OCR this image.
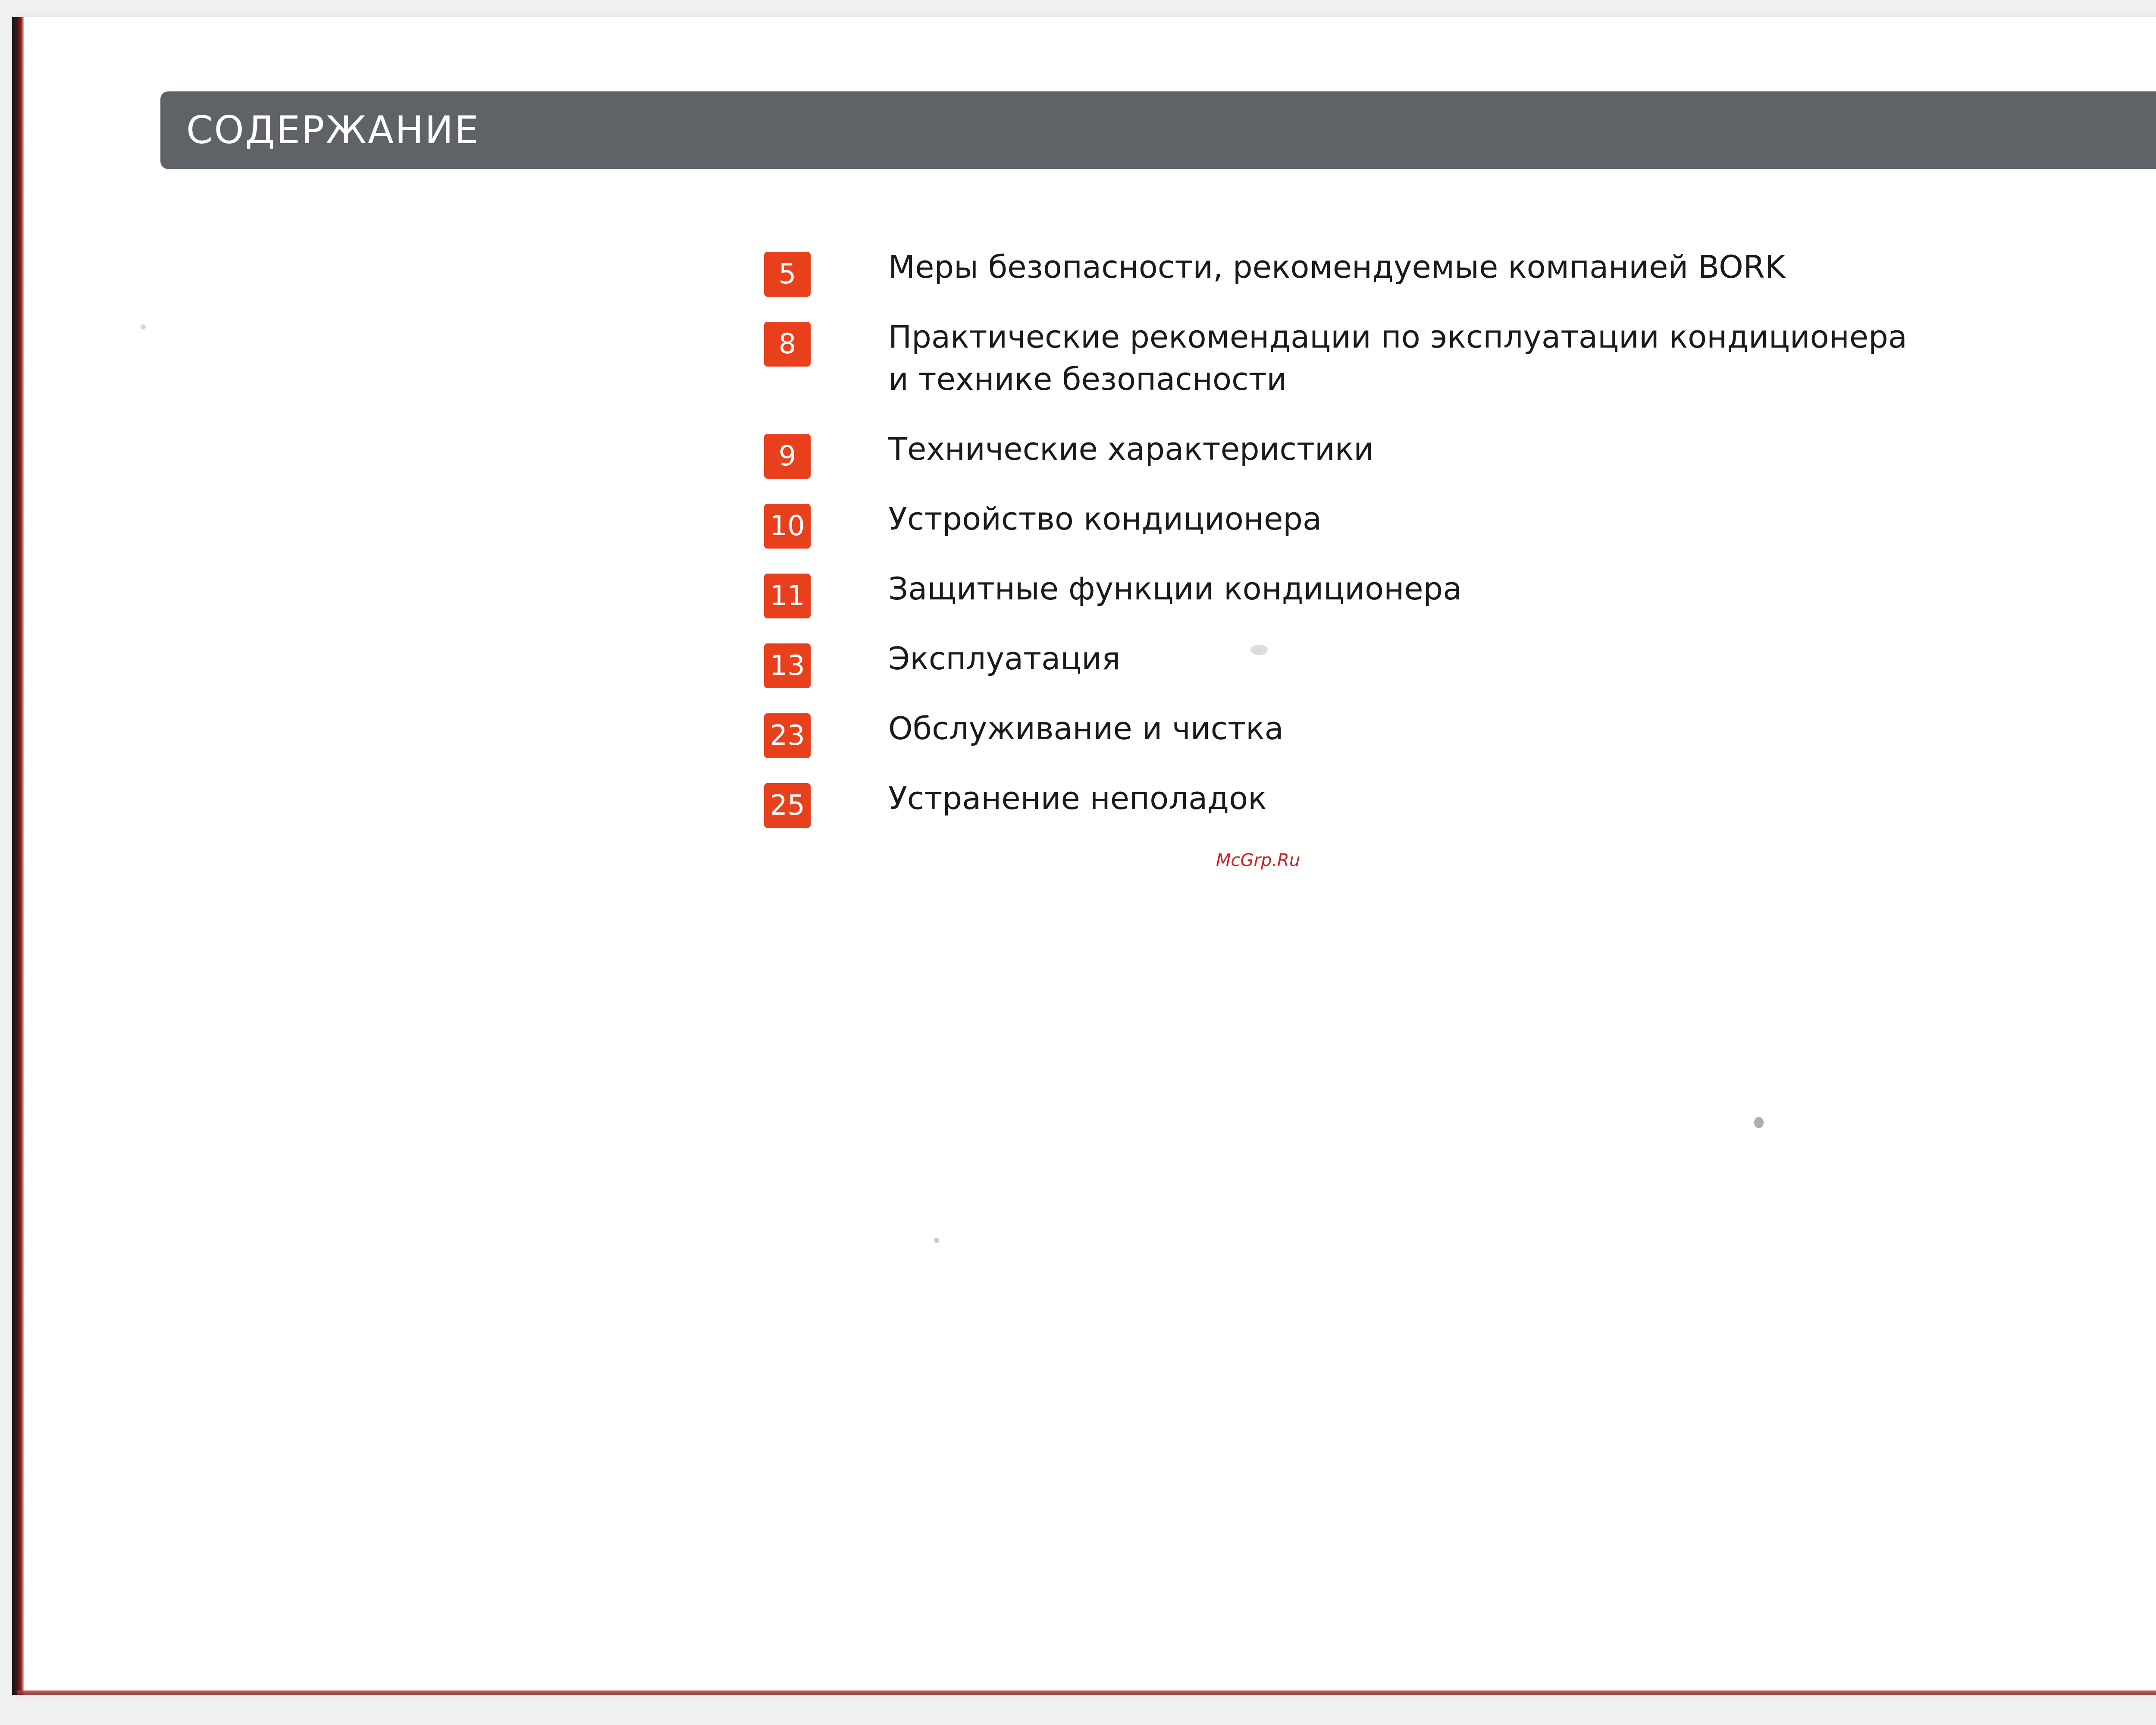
СОДЕРЖАНИЕ
5	Меры безопасности, рекомендуемые компанией BORK
8	Практические рекомендации по эксплуатации кондиционера
и технике безопасности
9	Технические характеристики
10	Устройство кондиционера
11	Защитные функции кондиционера
13	Эксплуатация
23	Обслуживание и чистка
25	Устранение неполадок
McGrp.Ru
